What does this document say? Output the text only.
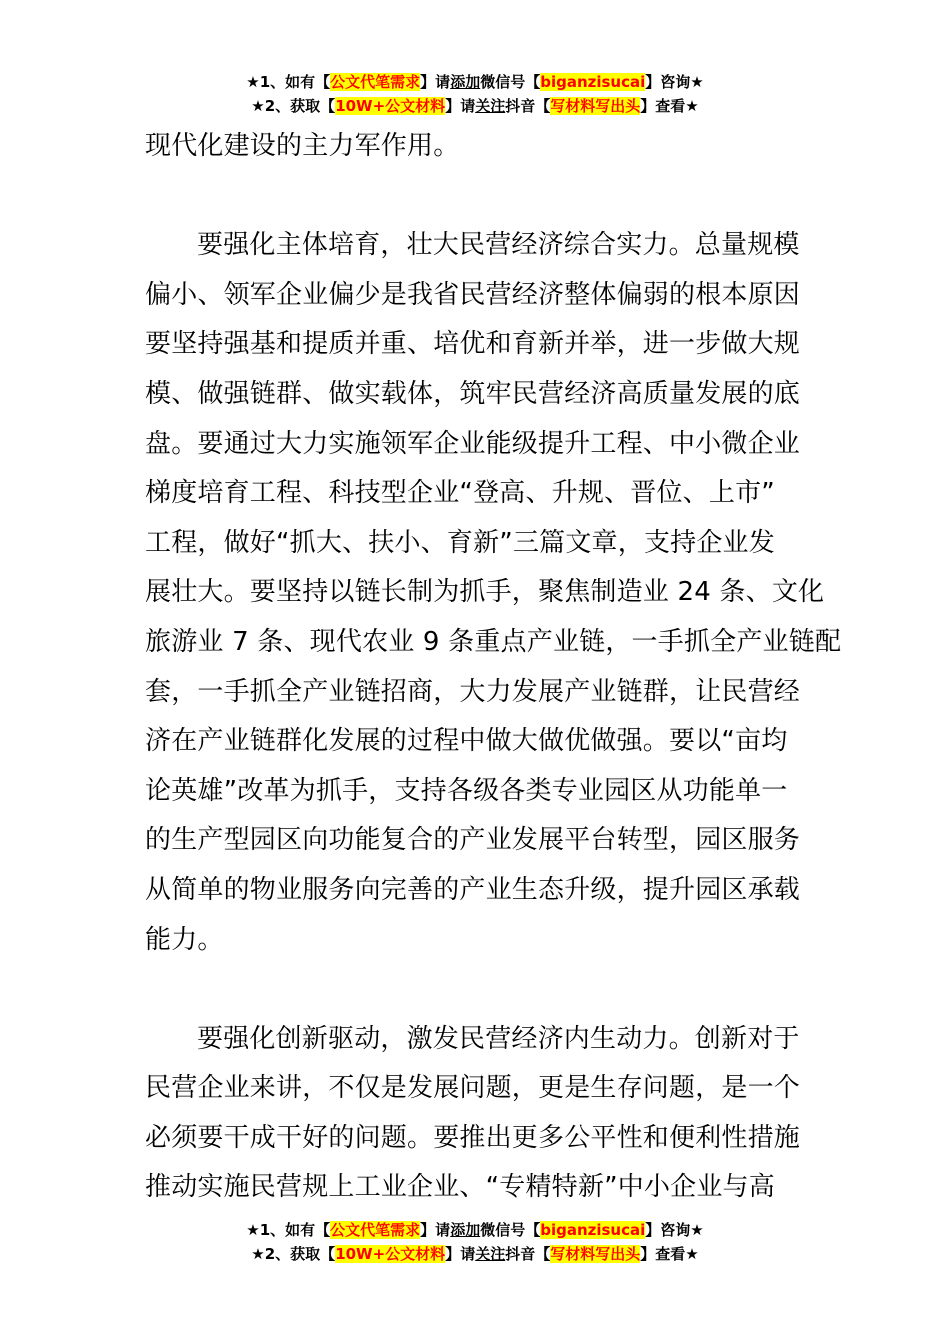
★1、如有【公文代笔需求】请添加微信号【biganzisucai】咨询★
★2、获取【10W+公文材料】请关注抖音【写材料写出头】查看★
现代化建设的主力军作用。
要强化主体培育，壮大民营经济综合实力。总量规模
偏小、领军企业偏少是我省民营经济整体偏弱的根本原因
要坚持强基和提质并重、培优和育新并举，进一步做大规
模、做强链群、做实载体，筑牢民营经济高质量发展的底
盘。要通过大力实施领军企业能级提升工程、中小微企业
梯度培育工程、科技型企业“登高、升规、晋位、上市”
工程，做好“抓大、扶小、育新”三篇文章，支持企业发
展壮大。要坚持以链长制为抓手，聚焦制造业 24 条、文化
旅游业 7 条、现代农业 9 条重点产业链，一手抓全产业链配
套，一手抓全产业链招商，大力发展产业链群，让民营经
济在产业链群化发展的过程中做大做优做强。要以“亩均
论英雄”改革为抓手，支持各级各类专业园区从功能单一
的生产型园区向功能复合的产业发展平台转型，园区服务
从简单的物业服务向完善的产业生态升级，提升园区承载
能力。
要强化创新驱动，激发民营经济内生动力。创新对于
民营企业来讲，不仅是发展问题，更是生存问题，是一个
必须要干成干好的问题。要推出更多公平性和便利性措施
推动实施民营规上工业企业、“专精特新”中小企业与高
★1、如有【公文代笔需求】请添加微信号【biganzisucai】咨询★
★2、获取【10W+公文材料】请关注抖音【写材料写出头】查看★
